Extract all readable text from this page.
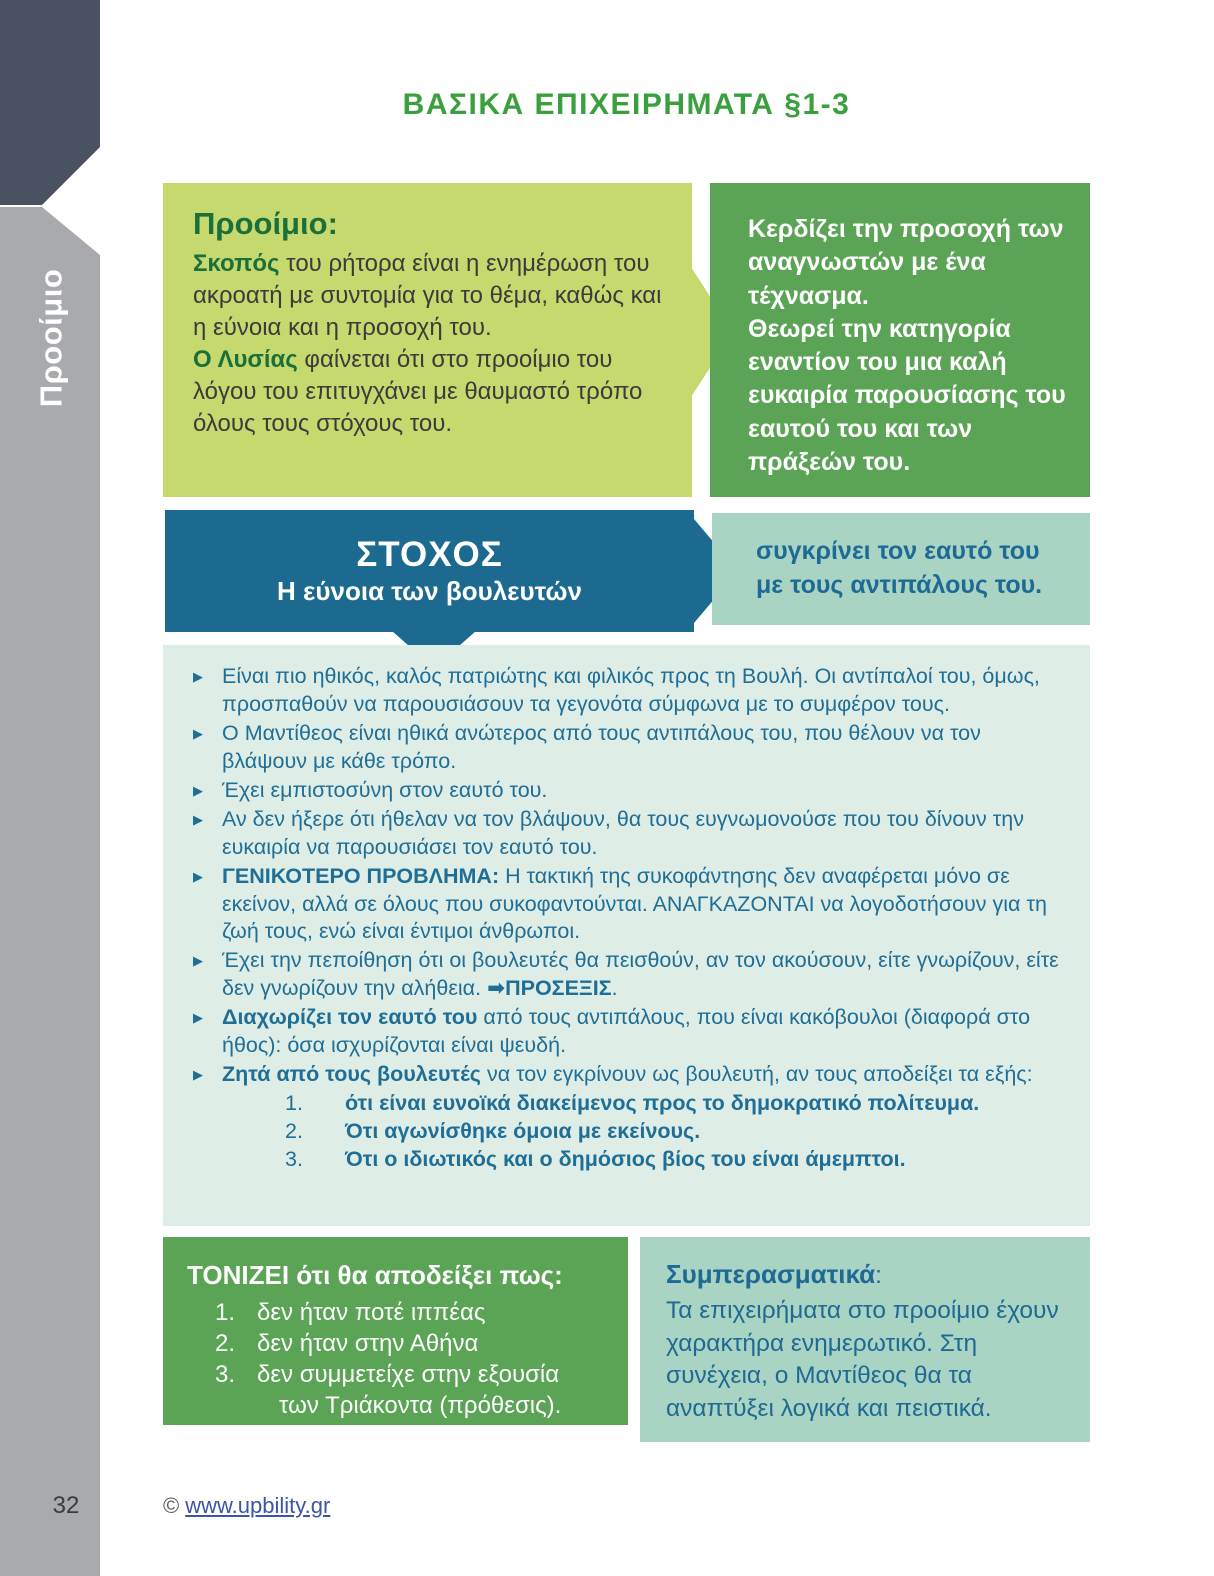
Προοίμιο
ΒΑΣΙΚΑ ΕΠΙΧΕΙΡΗΜΑΤΑ §1-3
Προοίμιο:

Σκοπός του ρήτορα είναι η ενημέρωση του ακροατή με συντομία για το θέμα, καθώς και η εύνοια και η προσοχή του.

Ο Λυσίας φαίνεται ότι στο προοίμιο του λόγου του επιτυγχάνει με θαυμαστό τρόπο όλους τους στόχους του.

Κερδίζει την προσοχή των αναγνωστών με ένα τέχνασμα.

Θεωρεί την κατηγορία εναντίον του μια καλή ευκαιρία παρουσίασης του εαυτού του και των πράξεών του.

ΣΤΟΧΟΣ
Η εύνοια των βουλευτών

συγκρίνει τον εαυτό του με τους αντιπάλους του.

▶ Είναι πιο ηθικός, καλός πατριώτης και φιλικός προς τη Βουλή. Οι αντίπαλοί του, όμως, προσπαθούν να παρουσιάσουν τα γεγονότα σύμφωνα με το συμφέρον τους.
▶ Ο Μαντίθεος είναι ηθικά ανώτερος από τους αντιπάλους του, που θέλουν να τον βλάψουν με κάθε τρόπο.
▶ Έχει εμπιστοσύνη στον εαυτό του.
▶ Αν δεν ήξερε ότι ήθελαν να τον βλάψουν, θα τους ευγνωμονούσε που του δίνουν την ευκαιρία να παρουσιάσει τον εαυτό του.
▶ ΓΕΝΙΚΟΤΕΡΟ ΠΡΟΒΛΗΜΑ: Η τακτική της συκοφάντησης δεν αναφέρεται μόνο σε εκείνον, αλλά σε όλους που συκοφαντούνται. ΑΝΑΓΚΑΖΟΝΤΑΙ να λογοδοτήσουν για τη ζωή τους, ενώ είναι έντιμοι άνθρωποι.
▶ Έχει την πεποίθηση ότι οι βουλευτές θα πεισθούν, αν τον ακούσουν, είτε γνωρίζουν, είτε δεν γνωρίζουν την αλήθεια. ➡ΠΡΟΣΕΞΙΣ.
▶ Διαχωρίζει τον εαυτό του από τους αντιπάλους, που είναι κακόβουλοι (διαφορά στο ήθος): όσα ισχυρίζονται είναι ψευδή.
▶ Ζητά από τους βουλευτές να τον εγκρίνουν ως βουλευτή, αν τους αποδείξει τα εξής:
1.	ότι είναι ευνοϊκά διακείμενος προς το δημοκρατικό πολίτευμα.
2.	Ότι αγωνίσθηκε όμοια με εκείνους.
3.	Ότι ο ιδιωτικός και ο δημόσιος βίος του είναι άμεμπτοι.
ΤΟΝΙΖΕΙ ότι θα αποδείξει πως:
1. δεν ήταν ποτέ ιππέας
2. δεν ήταν στην Αθήνα
3. δεν συμμετείχε στην εξουσία
των Τριάκοντα (πρόθεσις).
Συμπερασματικά:

Τα επιχειρήματα στο προοίμιο έχουν χαρακτήρα ενημερωτικό. Στη συνέχεια, ο Μαντίθεος θα τα αναπτύξει λογικά και πειστικά.

32	© www.upbility.gr
